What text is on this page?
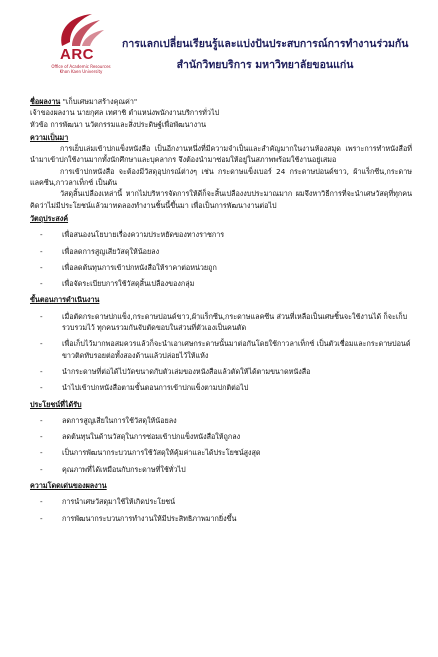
ARC
Office of Academic Resources Khon Kaen University
การแลกเปลี่ยนเรียนรู้และแบ่งปันประสบการณ์การทำงานร่วมกัน
สำนักวิทยบริการ มหาวิทยาลัยขอนแก่น
ชื่อผลงาน "เก็บเศษมาสร้างคุณค่า"
เจ้าของผลงาน นายกุศล เทศาชิ ตำแหน่งพนักงานบริการทั่วไป
หัวข้อ การพัฒนา นวัตกรรมและสิ่งประดิษฐ์เพื่อพัฒนางาน
ความเป็นมา
การเย็บเล่มเข้าปกแข็งหนังสือ เป็นอีกงานหนึ่งที่มีความจำเป็นและสำคัญมากในงานห้องสมุด เพราะการทำหนังสือที่นำมาเข้าปกใช้งานมากทั้งนักศึกษาและบุคลากร จึงต้องนำมาซ่อมให้อยู่ในสภาพพร้อมใช้งานอยู่เสมอ
การเข้าปกหนังสือ จะต้องมีวัสดุอุปกรณ์ต่างๆ เช่น กระดาษแข็งเบอร์ 24 กระดาษปอนด์ขาว, ผ้าแร็กซีน,กระดาษแลคซีน,กาวลาเท็กซ์ เป็นต้น
วัสดุสิ้นเปลืองเหล่านี้ หากไม่บริหารจัดการให้ดีก็จะสิ้นเปลืองงบประมาณมาก ผมจึงหาวิธีการที่จะนำเศษวัสดุที่ทุกคนคิดว่าไม่มีประโยชน์แล้วมาทดลองทำงานชิ้นนี้ขึ้นมา เพื่อเป็นการพัฒนางานต่อไป
วัตถุประสงค์
-	เพื่อสนองนโยบายเรื่องความประหยัดของทางราชการ
-	เพื่อลดการสูญเสียวัสดุให้น้อยลง
-	เพื่อลดต้นทุนการเข้าปกหนังสือให้ราคาต่อหน่วยถูก
-	เพื่อจัดระเบียบการใช้วัสดุสิ้นเปลืองของกลุ่ม
ขั้นตอนการดำเนินงาน
-	เมื่อตัดกระดาษปกแข็ง,กระดาษปอนด์ขาว,ผ้าแร็กซีน,กระดาษแลคซีน ส่วนที่เหลือเป็นเศษชิ้นจะใช้งานได้ ก็จะเก็บรวบรวมไว้ ทุกคนรวมกันจับตัดขอบในส่วนที่ตัวเองเป็นคนตัด
-	เพื่อเก็บไว้มากพอสมควรแล้วก็จะนำเอาเศษกระดาษนั้นมาต่อกันโดยใช้กาวลาเท็กซ์ เป็นตัวเชื่อมและกระดาษปอนด์ขาวติดทับรอยต่อทั้งสองด้านแล้วปล่อยไว้ให้แห้ง
-	นำกระดาษที่ต่อได้ไปวัดขนาดกับตัวเล่มของหนังสือแล้วตัดให้ได้ตามขนาดหนังสือ
-	นำไปเข้าปกหนังสือตามขั้นตอนการเข้าปกแข็งตามปกติต่อไป
ประโยชน์ที่ได้รับ
-	ลดการสูญเสียในการใช้วัสดุให้น้อยลง
-	ลดต้นทุนในด้านวัสดุในการซ่อมเข้าปกแข็งหนังสือให้ถูกลง
-	เป็นการพัฒนากระบวนการใช้วัสดุให้คุ้มค่าและได้ประโยชน์สูงสุด
-	คุณภาพที่ได้เหมือนกับกระดาษที่ใช้ทั่วไป
ความโดดเด่นของผลงาน
-	การนำเศษวัสดุมาใช้ให้เกิดประโยชน์
-	การพัฒนากระบวนการทำงานให้มีประสิทธิภาพมากยิ่งขึ้น
